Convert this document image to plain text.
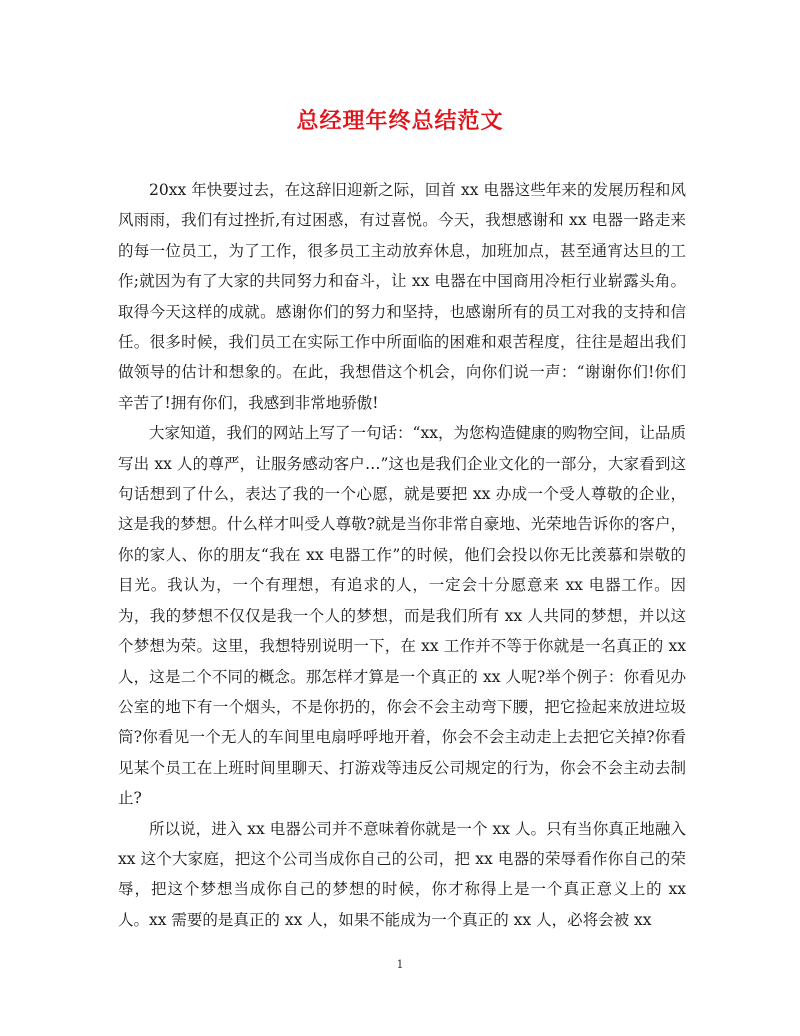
总经理年终总结范文

20xx 年快要过去，在这辞旧迎新之际，回首 xx 电器这些年来的发展历程和风风雨雨，我们有过挫折,有过困惑，有过喜悦。今天，我想感谢和 xx 电器一路走来的每一位员工，为了工作，很多员工主动放弃休息，加班加点，甚至通宵达旦的工作;就因为有了大家的共同努力和奋斗，让 xx 电器在中国商用冷柜行业崭露头角。取得今天这样的成就。感谢你们的努力和坚持，也感谢所有的员工对我的支持和信任。很多时候，我们员工在实际工作中所面临的困难和艰苦程度，往往是超出我们做领导的估计和想象的。在此，我想借这个机会，向你们说一声：“谢谢你们!你们辛苦了!拥有你们，我感到非常地骄傲!

大家知道，我们的网站上写了一句话：“xx，为您构造健康的购物空间，让品质写出 xx 人的尊严，让服务感动客户…”这也是我们企业文化的一部分，大家看到这句话想到了什么，表达了我的一个心愿，就是要把 xx 办成一个受人尊敬的企业，这是我的梦想。什么样才叫受人尊敬?就是当你非常自豪地、光荣地告诉你的客户，你的家人、你的朋友“我在 xx 电器工作”的时候，他们会投以你无比羡慕和崇敬的目光。我认为，一个有理想，有追求的人，一定会十分愿意来 xx 电器工作。因为，我的梦想不仅仅是我一个人的梦想，而是我们所有 xx 人共同的梦想，并以这个梦想为荣。这里，我想特别说明一下，在 xx 工作并不等于你就是一名真正的 xx 人，这是二个不同的概念。那怎样才算是一个真正的 xx 人呢?举个例子：你看见办公室的地下有一个烟头，不是你扔的，你会不会主动弯下腰，把它捡起来放进垃圾筒?你看见一个无人的车间里电扇呼呼地开着，你会不会主动走上去把它关掉?你看见某个员工在上班时间里聊天、打游戏等违反公司规定的行为，你会不会主动去制止?

所以说，进入 xx 电器公司并不意味着你就是一个 xx 人。只有当你真正地融入 xx 这个大家庭，把这个公司当成你自己的公司，把 xx 电器的荣辱看作你自己的荣辱，把这个梦想当成你自己的梦想的时候，你才称得上是一个真正意义上的 xx 人。xx 需要的是真正的 xx 人，如果不能成为一个真正的 xx 人，必将会被 xx

1
